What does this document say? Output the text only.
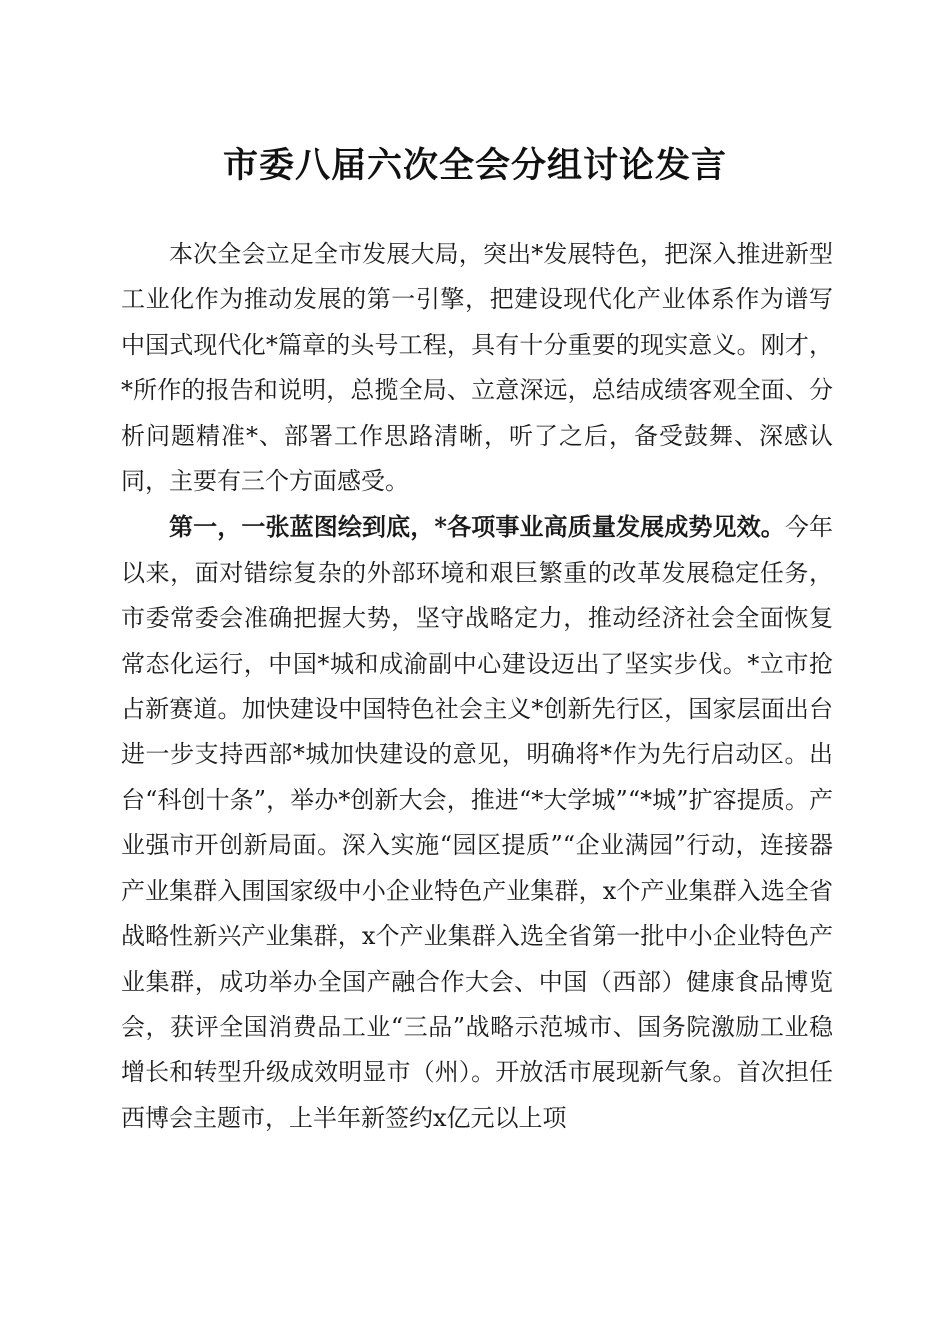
市委八届六次全会分组讨论发言

本次全会立足全市发展大局，突出*发展特色，把深入推进新型工业化作为推动发展的第一引擎，把建设现代化产业体系作为谱写中国式现代化*篇章的头号工程，具有十分重要的现实意义。刚才，*所作的报告和说明，总揽全局、立意深远，总结成绩客观全面、分析问题精准*、部署工作思路清晰，听了之后，备受鼓舞、深感认同，主要有三个方面感受。

第一，一张蓝图绘到底，*各项事业高质量发展成势见效。今年以来，面对错综复杂的外部环境和艰巨繁重的改革发展稳定任务，市委常委会准确把握大势，坚守战略定力，推动经济社会全面恢复常态化运行，中国*城和成渝副中心建设迈出了坚实步伐。*立市抢占新赛道。加快建设中国特色社会主义*创新先行区，国家层面出台进一步支持西部*城加快建设的意见，明确将*作为先行启动区。出台“科创十条”，举办*创新大会，推进“*大学城”“*城”扩容提质。产业强市开创新局面。深入实施“园区提质”“企业满园”行动，连接器产业集群入围国家级中小企业特色产业集群，x个产业集群入选全省战略性新兴产业集群，x个产业集群入选全省第一批中小企业特色产业集群，成功举办全国产融合作大会、中国（西部）健康食品博览会，获评全国消费品工业“三品”战略示范城市、国务院激励工业稳增长和转型升级成效明显市（州）。开放活市展现新气象。首次担任西博会主题市，上半年新签约x亿元以上项
